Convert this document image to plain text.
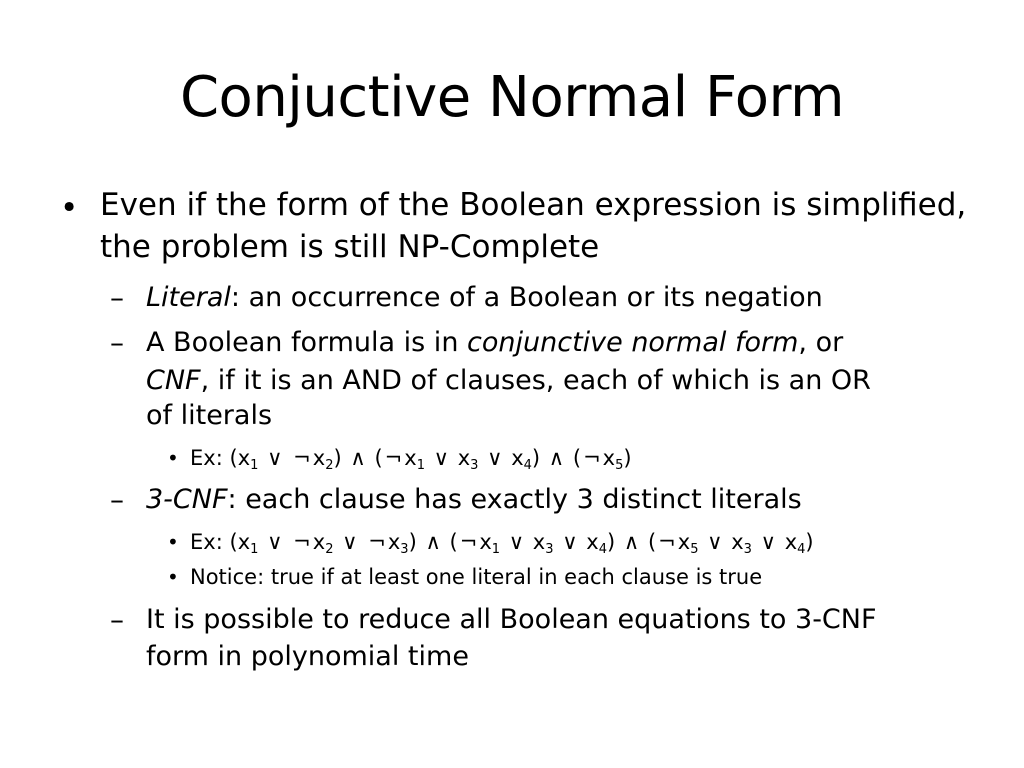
Conjuctive Normal Form
• Even if the form of the Boolean expression is simplified, the problem is still NP-Complete
– Literal: an occurrence of a Boolean or its negation
– A Boolean formula is in conjunctive normal form, or
CNF, if it is an AND of clauses, each of which is an OR
of literals
• Ex: ($x_1$ ∨ $\neg x_2$) ∧ ($\neg x_1$ ∨ $x_3$ ∨ $x_4$) ∧ $(\neg x_5)$
– 3-CNF: each clause has exactly 3 distinct literals
• Ex: ($x_1$ ∨ $\neg x_2$ ∨ $\neg x_3$) ∧ ($\neg x_1$ ∨ $x_3$ ∨ $x_4$) ∧ ($\neg x_5$ ∨ $x_3$ ∨ $x_4$)
• Notice: true if at least one literal in each clause is true
– It is possible to reduce all Boolean equations to 3-CNF
form in polynomial time
